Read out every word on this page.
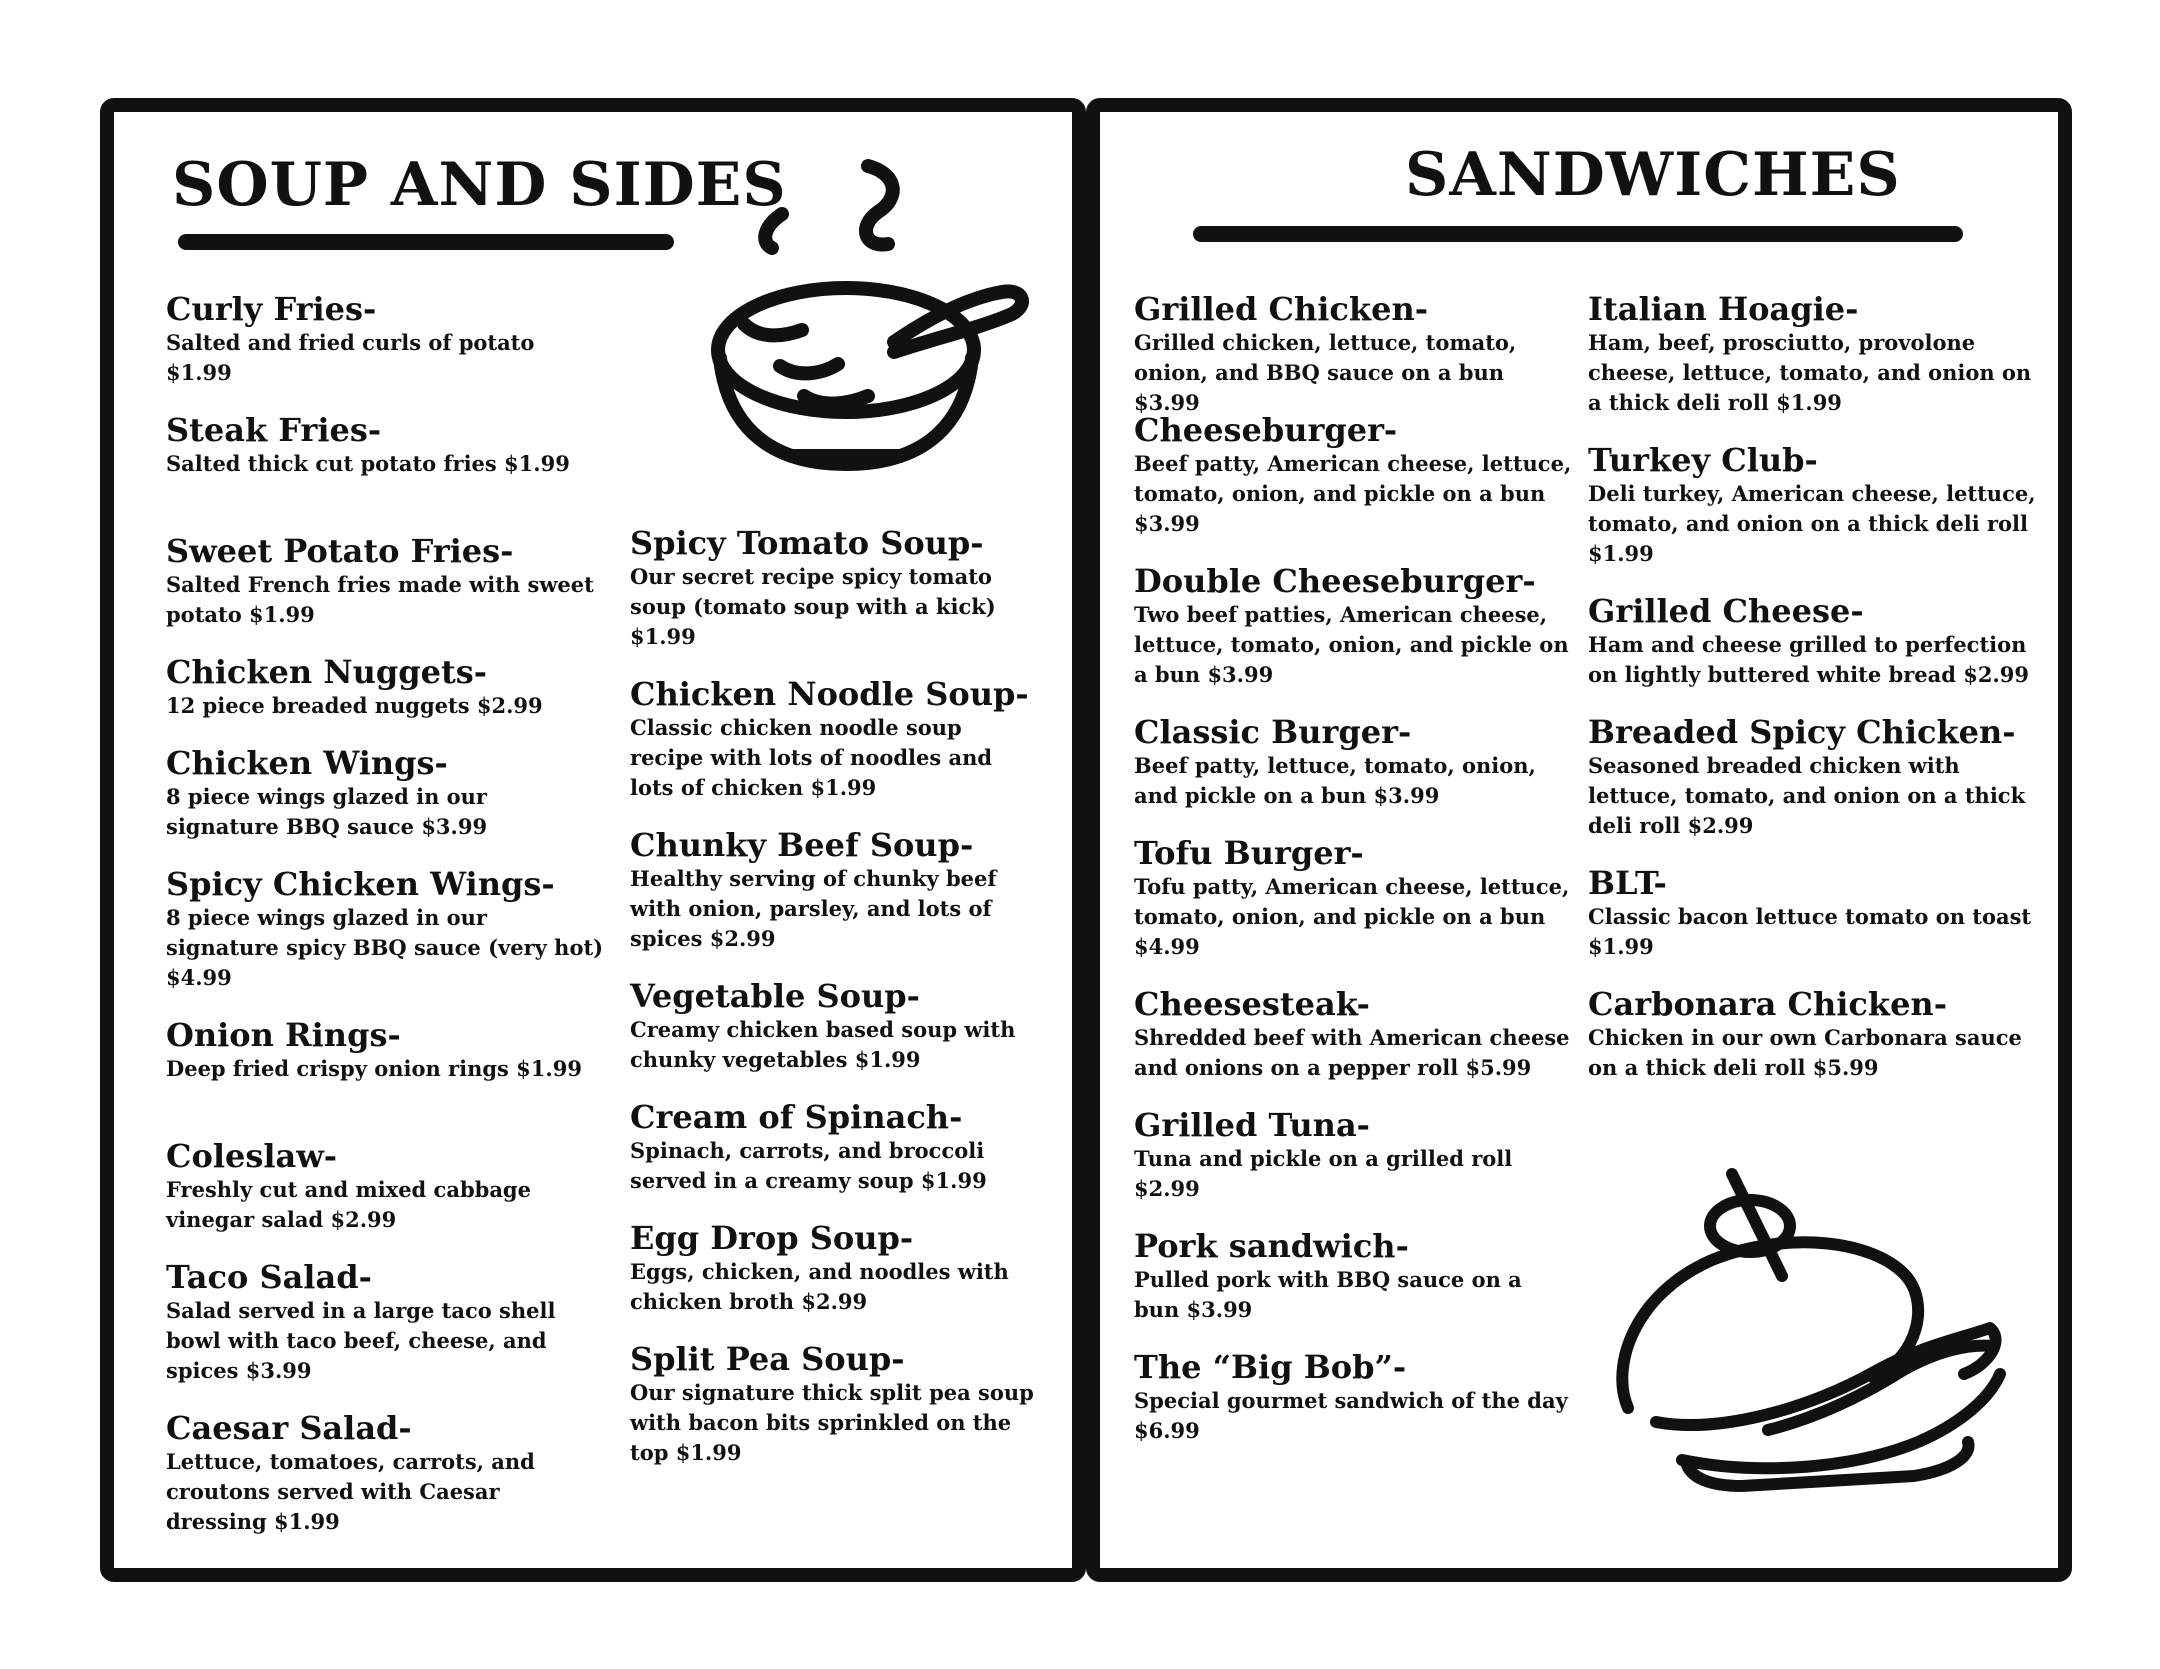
SOUP AND SIDES
Curly Fries-
Salted and fried curls of potato $1.99
Steak Fries-
Salted thick cut potato fries $1.99
Sweet Potato Fries-
Salted French fries made with sweet potato $1.99
Chicken Nuggets-
12 piece breaded nuggets $2.99
Chicken Wings-
8 piece wings glazed in our signature BBQ sauce $3.99
Spicy Chicken Wings-
8 piece wings glazed in our signature spicy BBQ sauce (very hot) $4.99
Onion Rings-
Deep fried crispy onion rings $1.99
Coleslaw-
Freshly cut and mixed cabbage vinegar salad $2.99
Taco Salad-
Salad served in a large taco shell bowl with taco beef, cheese, and spices $3.99
Caesar Salad-
Lettuce, tomatoes, carrots, and croutons served with Caesar dressing $1.99
Spicy Tomato Soup-
Our secret recipe spicy tomato soup (tomato soup with a kick) $1.99
Chicken Noodle Soup-
Classic chicken noodle soup recipe with lots of noodles and lots of chicken $1.99
Chunky Beef Soup-
Healthy serving of chunky beef with onion, parsley, and lots of spices $2.99
Vegetable Soup-
Creamy chicken based soup with chunky vegetables $1.99
Cream of Spinach-
Spinach, carrots, and broccoli served in a creamy soup $1.99
Egg Drop Soup-
Eggs, chicken, and noodles with chicken broth $2.99
Split Pea Soup-
Our signature thick split pea soup with bacon bits sprinkled on the top $1.99
SANDWICHES
Grilled Chicken-
Grilled chicken, lettuce, tomato, onion, and BBQ sauce on a bun $3.99
Cheeseburger-
Beef patty, American cheese, lettuce, tomato, onion, and pickle on a bun $3.99
Double Cheeseburger-
Two beef patties, American cheese, lettuce, tomato, onion, and pickle on a bun $3.99
Classic Burger-
Beef patty, lettuce, tomato, onion, and pickle on a bun $3.99
Tofu Burger-
Tofu patty, American cheese, lettuce, tomato, onion, and pickle on a bun $4.99
Cheesesteak-
Shredded beef with American cheese and onions on a pepper roll $5.99
Grilled Tuna-
Tuna and pickle on a grilled roll $2.99
Pork sandwich-
Pulled pork with BBQ sauce on a bun $3.99
The “Big Bob”-
Special gourmet sandwich of the day $6.99
Italian Hoagie-
Ham, beef, prosciutto, provolone cheese, lettuce, tomato, and onion on a thick deli roll $1.99
Turkey Club-
Deli turkey, American cheese, lettuce, tomato, and onion on a thick deli roll $1.99
Grilled Cheese-
Ham and cheese grilled to perfection on lightly buttered white bread $2.99
Breaded Spicy Chicken-
Seasoned breaded chicken with lettuce, tomato, and onion on a thick deli roll $2.99
BLT-
Classic bacon lettuce tomato on toast $1.99
Carbonara Chicken-
Chicken in our own Carbonara sauce on a thick deli roll $5.99
